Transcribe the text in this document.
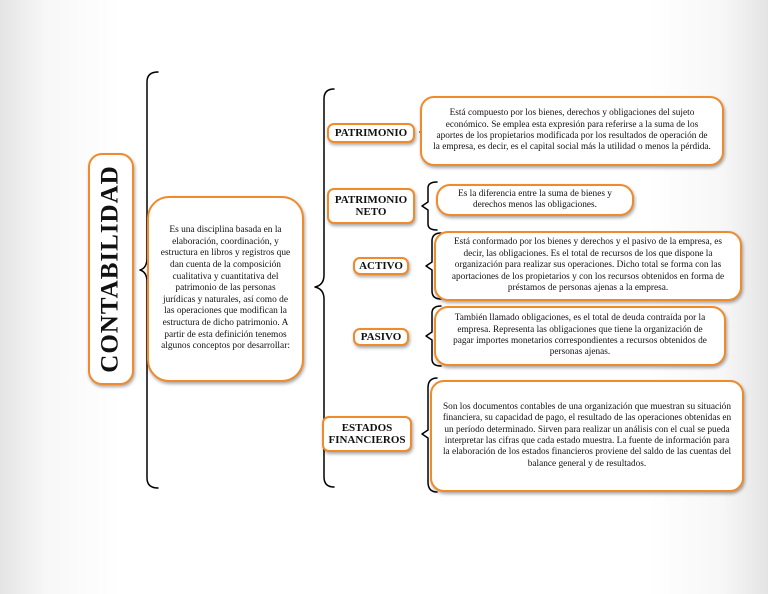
CONTABILIDAD	Es una disciplina basada en la elaboración, coordinación, y estructura en libros y registros que dan cuenta de la composición cualitativa y cuantitativa del patrimonio de las personas jurídicas y naturales, así como de las operaciones que modifican la estructura de dicho patrimonio. A partir de esta definición tenemos algunos conceptos por desarrollar:
PATRIMONIO
Está compuesto por los bienes, derechos y obligaciones del sujeto económico. Se emplea esta expresión para referirse a la suma de los aportes de los propietarios modificada por los resultados de operación de la empresa, es decir, es el capital social más la utilidad o menos la pérdida.
PATRIMONIO NETO
Es la diferencia entre la suma de bienes y derechos menos las obligaciones.
ACTIVO
Está conformado por los bienes y derechos y el pasivo de la empresa, es decir, las obligaciones. Es el total de recursos de los que dispone la organización para realizar sus operaciones. Dicho total se forma con las aportaciones de los propietarios y con los recursos obtenidos en forma de préstamos de personas ajenas a la empresa.
PASIVO
También llamado obligaciones, es el total de deuda contraída por la empresa. Representa las obligaciones que tiene la organización de pagar importes monetarios correspondientes a recursos obtenidos de personas ajenas.
ESTADOS FINANCIEROS
Son los documentos contables de una organización que muestran su situación financiera, su capacidad de pago, el resultado de las operaciones obtenidas en un período determinado. Sirven para realizar un análisis con el cual se pueda interpretar las cifras que cada estado muestra. La fuente de información para la elaboración de los estados financieros proviene del saldo de las cuentas del balance general y de resultados.
